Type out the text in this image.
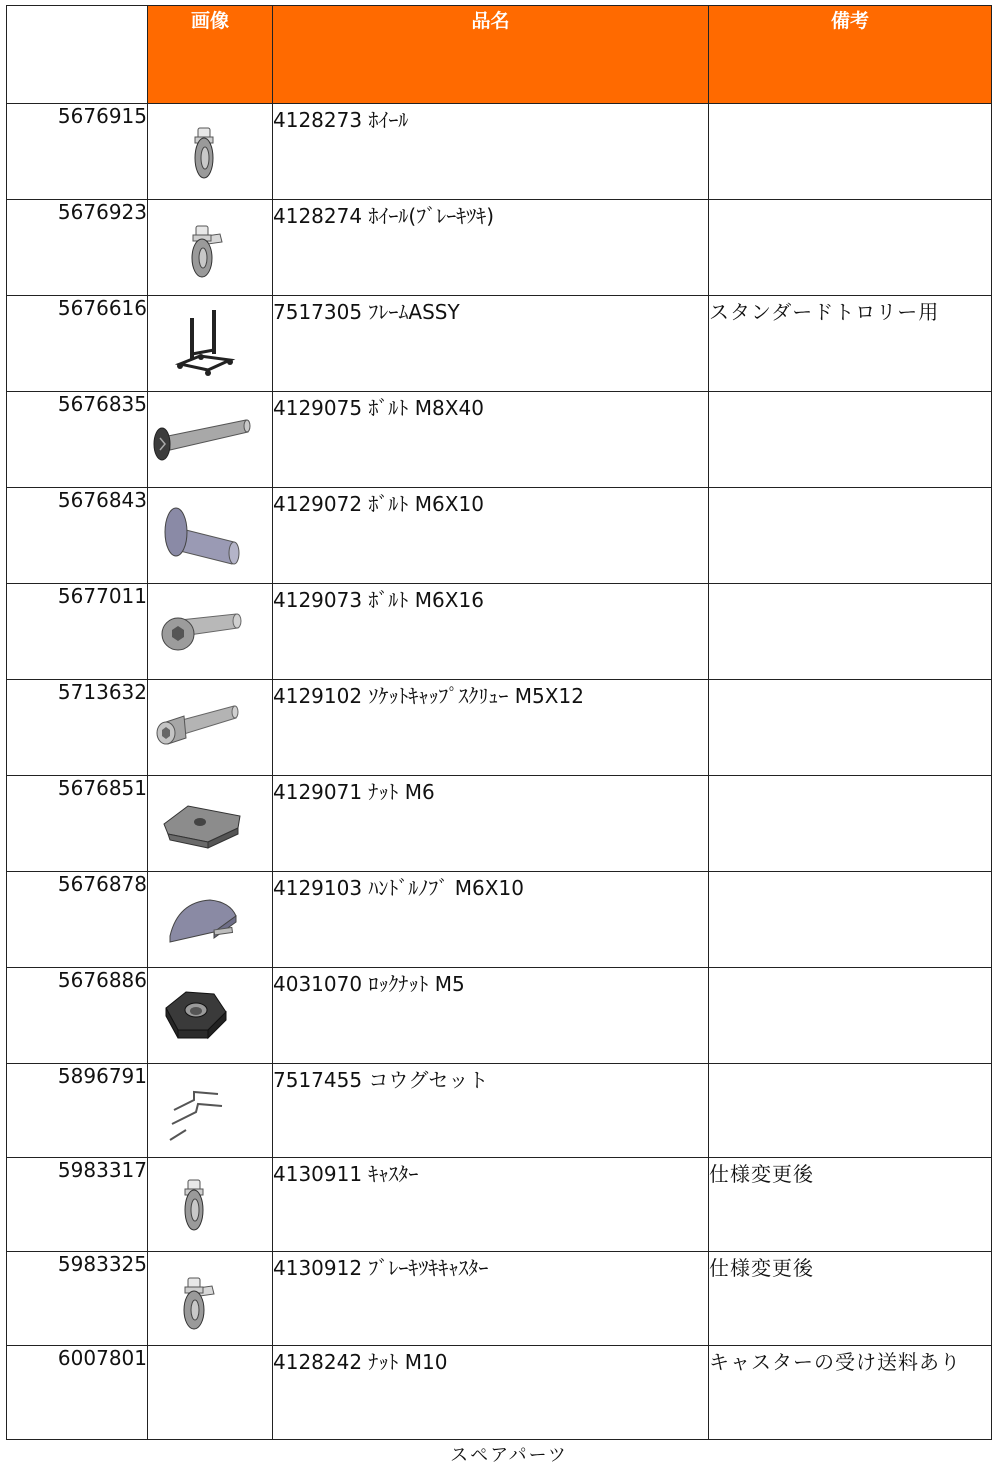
	画像	品名	備考
5676915		4128273 ﾎｲｰﾙ	
5676923		4128274 ﾎｲｰﾙ(ﾌﾞﾚｰｷﾂｷ)	
5676616		7517305 ﾌﾚｰﾑASSY	スタンダードトロリー用
5676835		4129075 ﾎﾞﾙﾄ M8X40	
5676843		4129072 ﾎﾞﾙﾄ M6X10	
5677011		4129073 ﾎﾞﾙﾄ M6X16	
5713632		4129102 ｿｹｯﾄｷｬｯﾌﾟｽｸﾘｭｰ M5X12	
5676851		4129071 ﾅｯﾄ M6	
5676878		4129103 ﾊﾝﾄﾞﾙﾉﾌﾞ M6X10	
5676886		4031070 ﾛｯｸﾅｯﾄ M5	
5896791		7517455 コウグセット	
5983317		4130911 ｷｬｽﾀｰ	仕様変更後
5983325		4130912 ﾌﾞﾚｰｷﾂｷｷｬｽﾀｰ	仕様変更後
6007801		4128242 ﾅｯﾄ M10	キャスターの受け送料あり
スペアパーツ
